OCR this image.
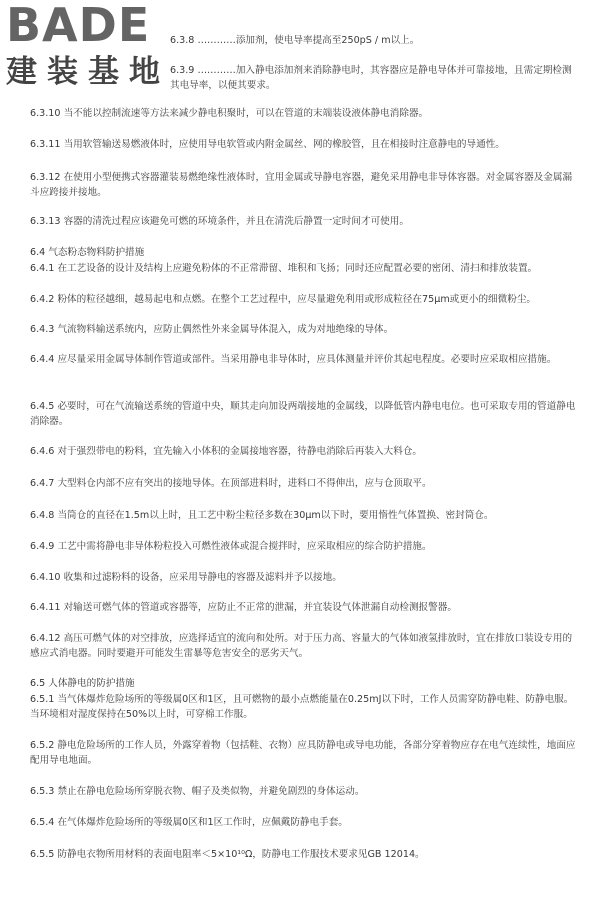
BADE
建装基地
6.3.8 …………添加剂，使电导率提高至250pS / m以上。
6.3.9 …………加入静电添加剂来消除静电时，其容器应是静电导体并可靠接地，且需定期检测其电导率，以便其要求。
6.3.10 当不能以控制流速等方法来减少静电积聚时，可以在管道的末端装设液体静电消除器。
6.3.11 当用软管输送易燃液体时，应使用导电软管或内附金属丝、网的橡胶管，且在相接时注意静电的导通性。
6.3.12 在使用小型便携式容器灌装易燃绝缘性液体时，宜用金属或导静电容器，避免采用静电非导体容器。对金属容器及金属漏斗应跨接并接地。
6.3.13 容器的清洗过程应该避免可燃的环境条件，并且在清洗后静置一定时间才可使用。
6.4 气态粉态物料防护措施
6.4.1 在工艺设备的设计及结构上应避免粉体的不正常滞留、堆积和飞扬；同时还应配置必要的密闭、清扫和排放装置。
6.4.2 粉体的粒径越细，越易起电和点燃。在整个工艺过程中，应尽量避免利用或形成粒径在75μm或更小的细微粉尘。
6.4.3 气流物料输送系统内，应防止偶然性外来金属导体混入，成为对地绝缘的导体。
6.4.4 应尽量采用金属导体制作管道或部件。当采用静电非导体时，应具体测量并评价其起电程度。必要时应采取相应措施。
6.4.5 必要时，可在气流输送系统的管道中央，顺其走向加设两端接地的金属线，以降低管内静电电位。也可采取专用的管道静电消除器。
6.4.6 对于强烈带电的粉料，宜先输入小体积的金属接地容器，待静电消除后再装入大料仓。
6.4.7 大型料仓内部不应有突出的接地导体。在顶部进料时，进料口不得伸出，应与仓顶取平。
6.4.8 当筒仓的直径在1.5m以上时，且工艺中粉尘粒径多数在30μm以下时，要用惰性气体置换、密封筒仓。
6.4.9 工艺中需将静电非导体粉粒投入可燃性液体或混合搅拌时，应采取相应的综合防护措施。
6.4.10 收集和过滤粉料的设备，应采用导静电的容器及滤料并予以接地。
6.4.11 对输送可燃气体的管道或容器等，应防止不正常的泄漏，并宜装设气体泄漏自动检测报警器。
6.4.12 高压可燃气体的对空排放，应选择适宜的流向和处所。对于压力高、容量大的气体如液氢排放时，宜在排放口装设专用的感应式消电器。同时要避开可能发生雷暴等危害安全的恶劣天气。
6.5 人体静电的防护措施
6.5.1 当气体爆炸危险场所的等级属0区和1区，且可燃物的最小点燃能量在0.25mJ以下时，工作人员需穿防静电鞋、防静电服。当环境相对湿度保持在50%以上时，可穿棉工作服。
6.5.2 静电危险场所的工作人员，外露穿着物（包括鞋、衣物）应具防静电或导电功能，各部分穿着物应存在电气连续性，地面应配用导电地面。
6.5.3 禁止在静电危险场所穿脱衣物、帽子及类似物，并避免剧烈的身体运动。
6.5.4 在气体爆炸危险场所的等级属0区和1区工作时，应佩戴防静电手套。
6.5.5 防静电衣物所用材料的表面电阻率＜5×10¹⁰Ω，防静电工作服技术要求见GB 12014。
